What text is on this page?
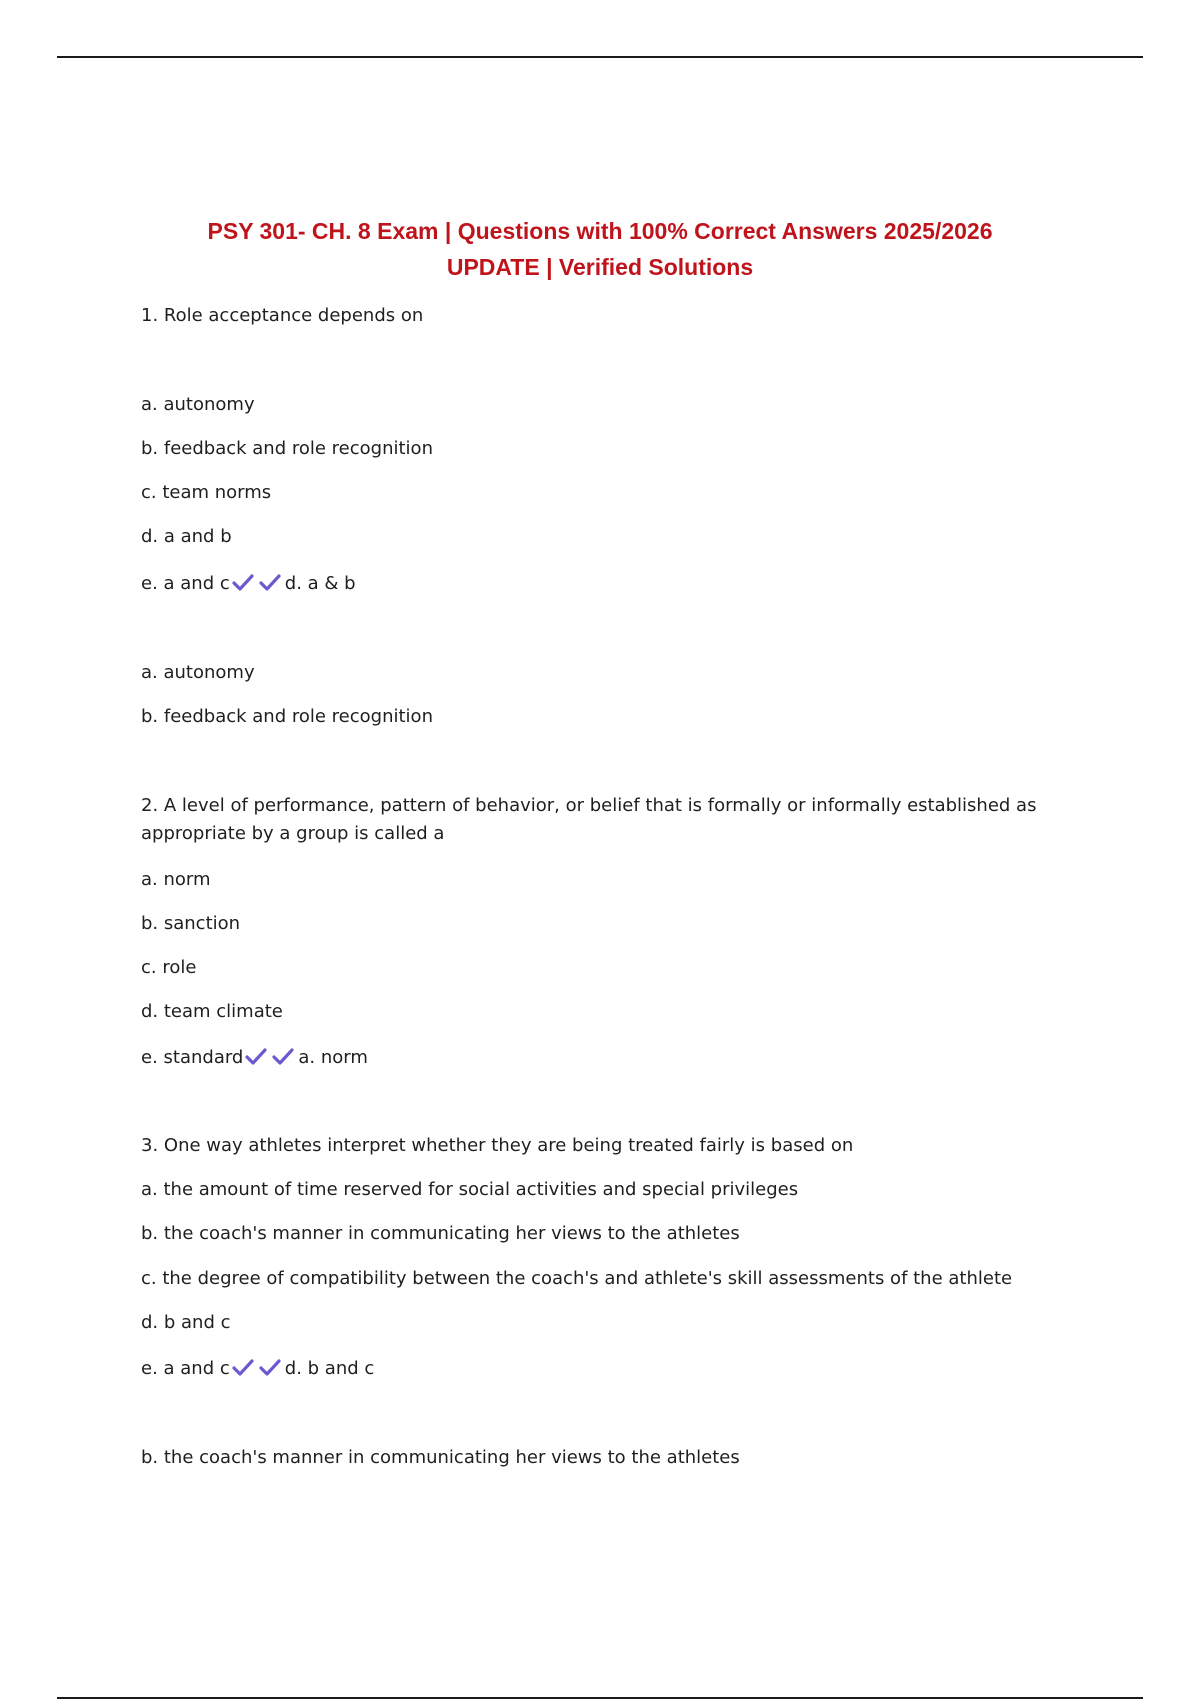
PSY 301- CH. 8 Exam | Questions with 100% Correct Answers 2025/2026
UPDATE | Verified Solutions

1. Role acceptance depends on

a. autonomy

b. feedback and role recognition

c. team norms

d. a and b

e. a and c	d. a & b

a. autonomy

b. feedback and role recognition

2. A level of performance, pattern of behavior, or belief that is formally or informally established as appropriate by a group is called a

a. norm

b. sanction

c. role

d. team climate

e. standard	a. norm

3. One way athletes interpret whether they are being treated fairly is based on

a. the amount of time reserved for social activities and special privileges

b. the coach's manner in communicating her views to the athletes

c. the degree of compatibility between the coach's and athlete's skill assessments of the athlete

d. b and c

e. a and c	d. b and c

b. the coach's manner in communicating her views to the athletes
